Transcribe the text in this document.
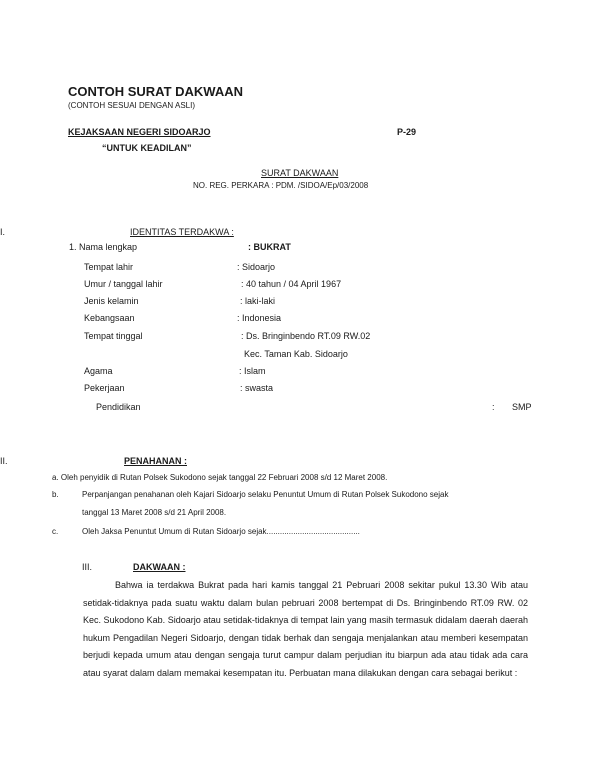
CONTOH SURAT DAKWAAN
(CONTOH SESUAI DENGAN ASLI)
KEJAKSAAN NEGERI SIDOARJO	P-29
“UNTUK KEADILAN”
SURAT DAKWAAN
NO. REG. PERKARA : PDM. /SIDOA/Ep/03/2008
I.	IDENTITAS TERDAKWA :
1. Nama lengkap	: BUKRAT
Tempat lahir	: Sidoarjo
Umur / tanggal lahir	: 40 tahun / 04 April 1967
Jenis kelamin	: laki-laki
Kebangsaan	: Indonesia
Tempat tinggal	: Ds. Bringinbendo RT.09 RW.02
Kec. Taman Kab. Sidoarjo
Agama	: Islam
Pekerjaan	: swasta
Pendidikan	: SMP
II.	PENAHANAN :
a. Oleh penyidik di Rutan Polsek Sukodono sejak tanggal 22 Februari 2008 s/d 12 Maret 2008.
b.	Perpanjangan penahanan oleh Kajari Sidoarjo selaku Penuntut Umum di Rutan Polsek Sukodono sejak
tanggal 13 Maret 2008 s/d 21 April 2008.
c.	Oleh Jaksa Penuntut Umum di Rutan Sidoarjo sejak..........................................
III.	DAKWAAN :
Bahwa ia terdakwa Bukrat pada hari kamis tanggal 21 Pebruari 2008 sekitar pukul 13.30 Wib atau setidak-tidaknya pada suatu waktu dalam bulan pebruari 2008 bertempat di Ds. Bringinbendo RT.09 RW. 02 Kec. Sukodono Kab. Sidoarjo atau setidak-tidaknya di tempat lain yang masih termasuk didalam daerah daerah hukum Pengadilan Negeri Sidoarjo, dengan tidak berhak dan sengaja menjalankan atau memberi kesempatan berjudi kepada umum atau dengan sengaja turut campur dalam perjudian itu biarpun ada atau tidak ada cara atau syarat dalam dalam memakai kesempatan itu. Perbuatan mana dilakukan dengan cara sebagai berikut :
